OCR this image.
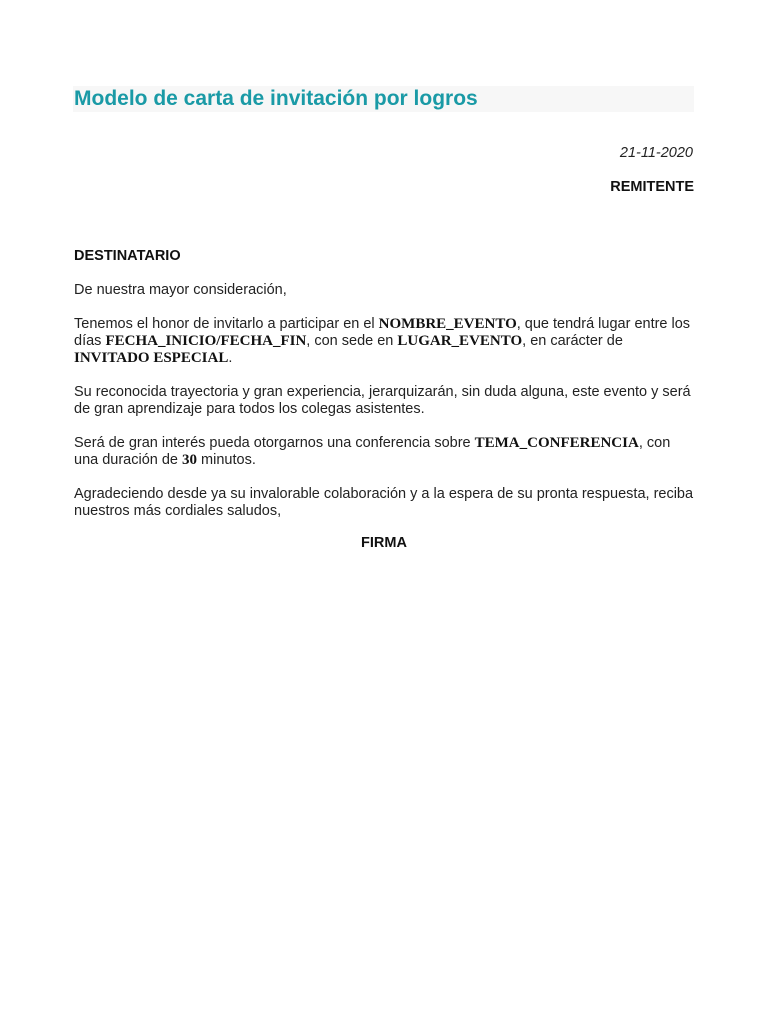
Modelo de carta de invitación por logros
21-11-2020
REMITENTE
DESTINATARIO

De nuestra mayor consideración,

Tenemos el honor de invitarlo a participar en el NOMBRE_EVENTO, que tendrá lugar entre los días FECHA_INICIO/FECHA_FIN, con sede en LUGAR_EVENTO, en carácter de INVITADO ESPECIAL.

Su reconocida trayectoria y gran experiencia, jerarquizarán, sin duda alguna, este evento y será de gran aprendizaje para todos los colegas asistentes.

Será de gran interés pueda otorgarnos una conferencia sobre TEMA_CONFERENCIA, con una duración de 30 minutos.

Agradeciendo desde ya su invalorable colaboración y a la espera de su pronta respuesta, reciba nuestros más cordiales saludos,

FIRMA
